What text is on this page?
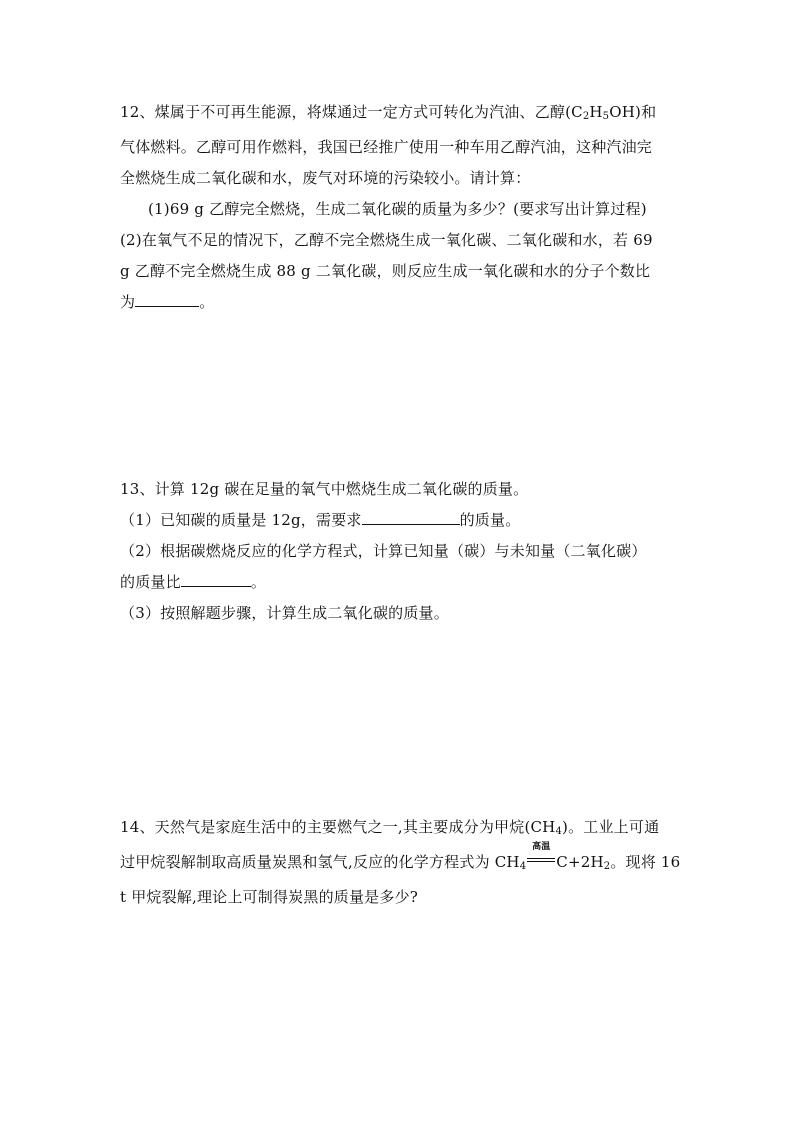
12、煤属于不可再生能源，将煤通过一定方式可转化为汽油、乙醇$(C_2H_5OH)$和
气体燃料。乙醇可用作燃料，我国已经推广使用一种车用乙醇汽油，这种汽油完
全燃烧生成二氧化碳和水，废气对环境的污染较小。请计算：
(1)69 g 乙醇完全燃烧，生成二氧化碳的质量为多少？(要求写出计算过程)
(2)在氧气不足的情况下，乙醇不完全燃烧生成一氧化碳、二氧化碳和水，若 69
g 乙醇不完全燃烧生成 88 g 二氧化碳，则反应生成一氧化碳和水的分子个数比
为	。
13、计算 12g 碳在足量的氧气中燃烧生成二氧化碳的质量。
（1）已知碳的质量是 12g，需要求	的质量。
（2）根据碳燃烧反应的化学方程式，计算已知量（碳）与未知量（二氧化碳）
的质量比	。
（3）按照解题步骤，计算生成二氧化碳的质量。
14、天然气是家庭生活中的主要燃气之一,其主要成分为甲烷$(CH_4)$。工业上可通
过甲烷裂解制取高质量炭黑和氢气,反应的化学方程式为 $CH_4$
高温
$C+2H_2$。现将 16
t 甲烷裂解,理论上可制得炭黑的质量是多少?
